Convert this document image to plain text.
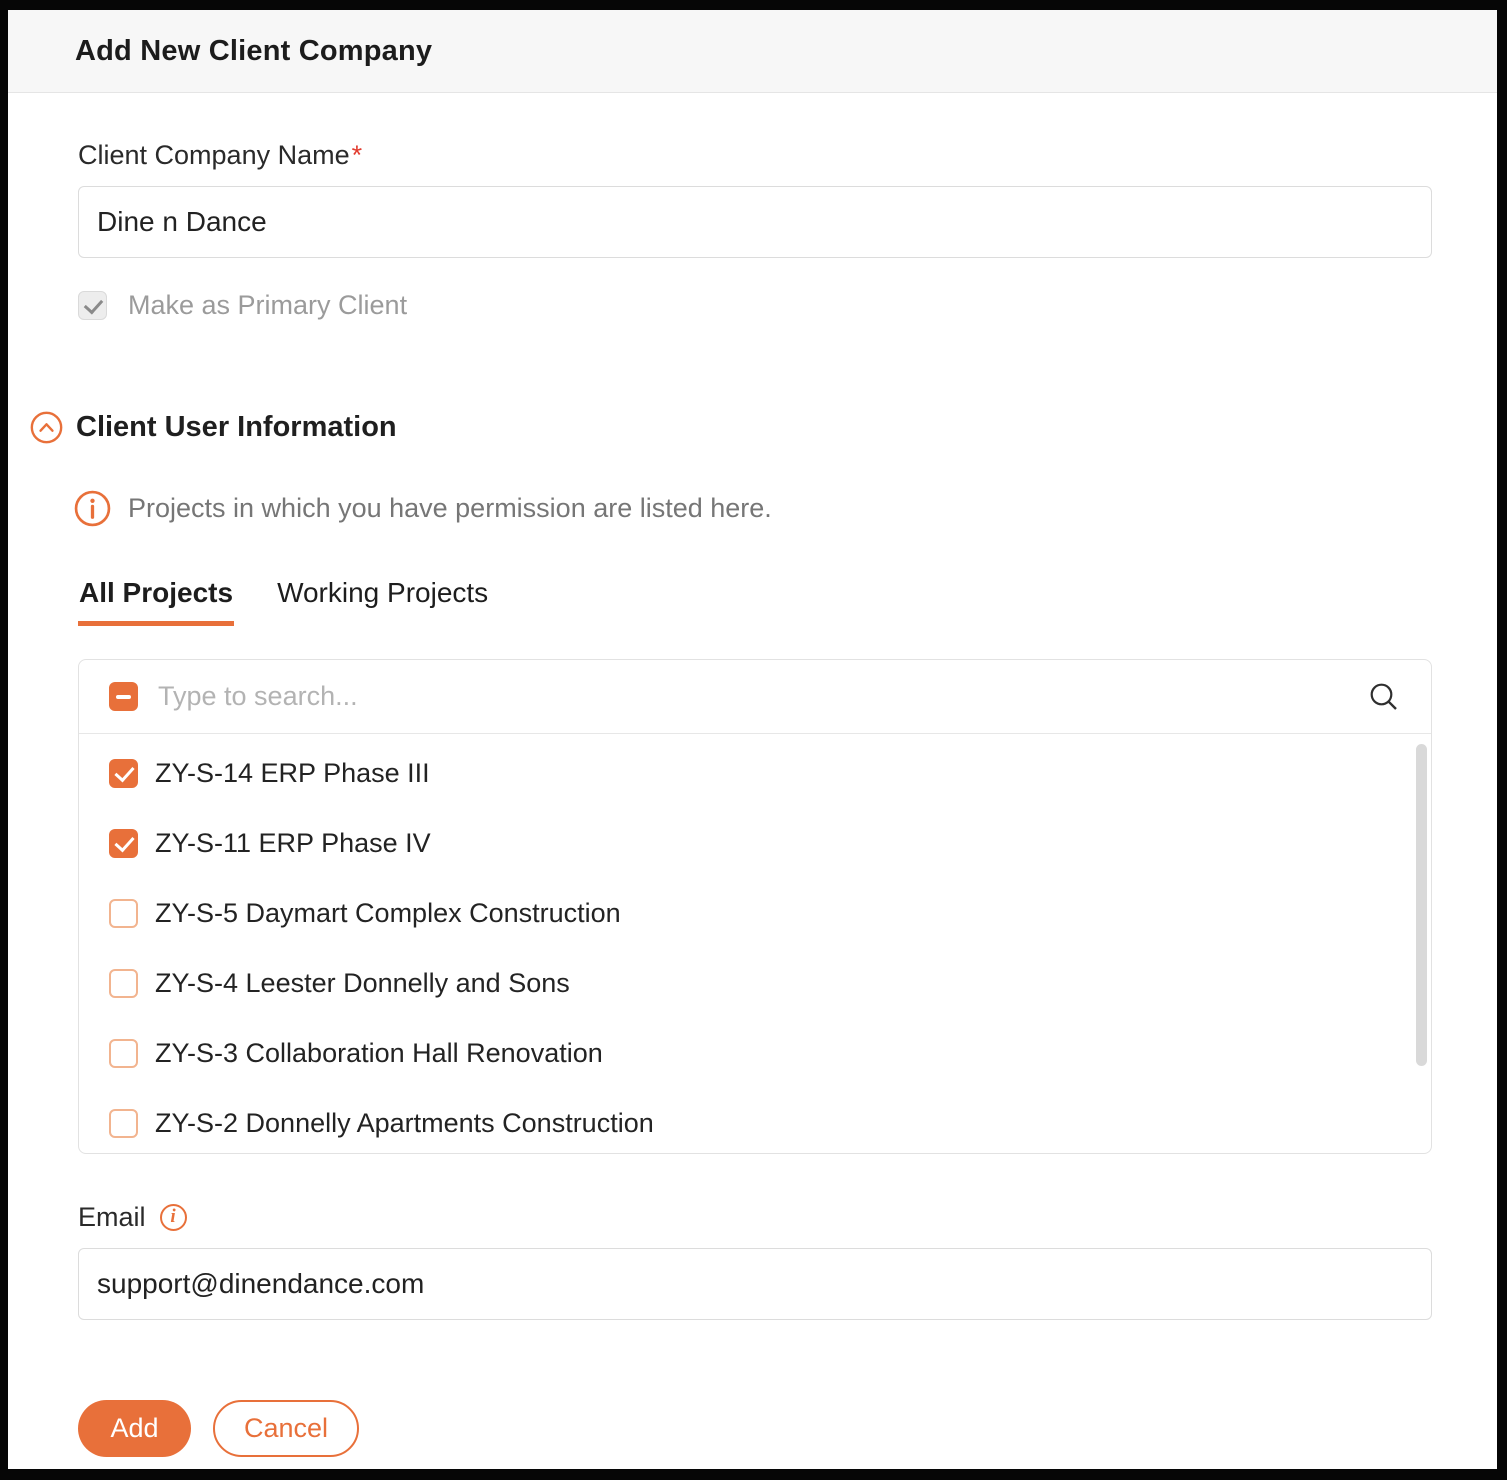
Add New Client Company
Client Company Name*
Dine n Dance
Make as Primary Client
Client User Information
Projects in which you have permission are listed here.
All Projects Working Projects
Type to search...
ZY-S-14 ERP Phase III
ZY-S-11 ERP Phase IV
ZY-S-5 Daymart Complex Construction
ZY-S-4 Leester Donnelly and Sons
ZY-S-3 Collaboration Hall Renovation
ZY-S-2 Donnelly Apartments Construction
Email	i
support@dinendance.com
Add	Cancel
